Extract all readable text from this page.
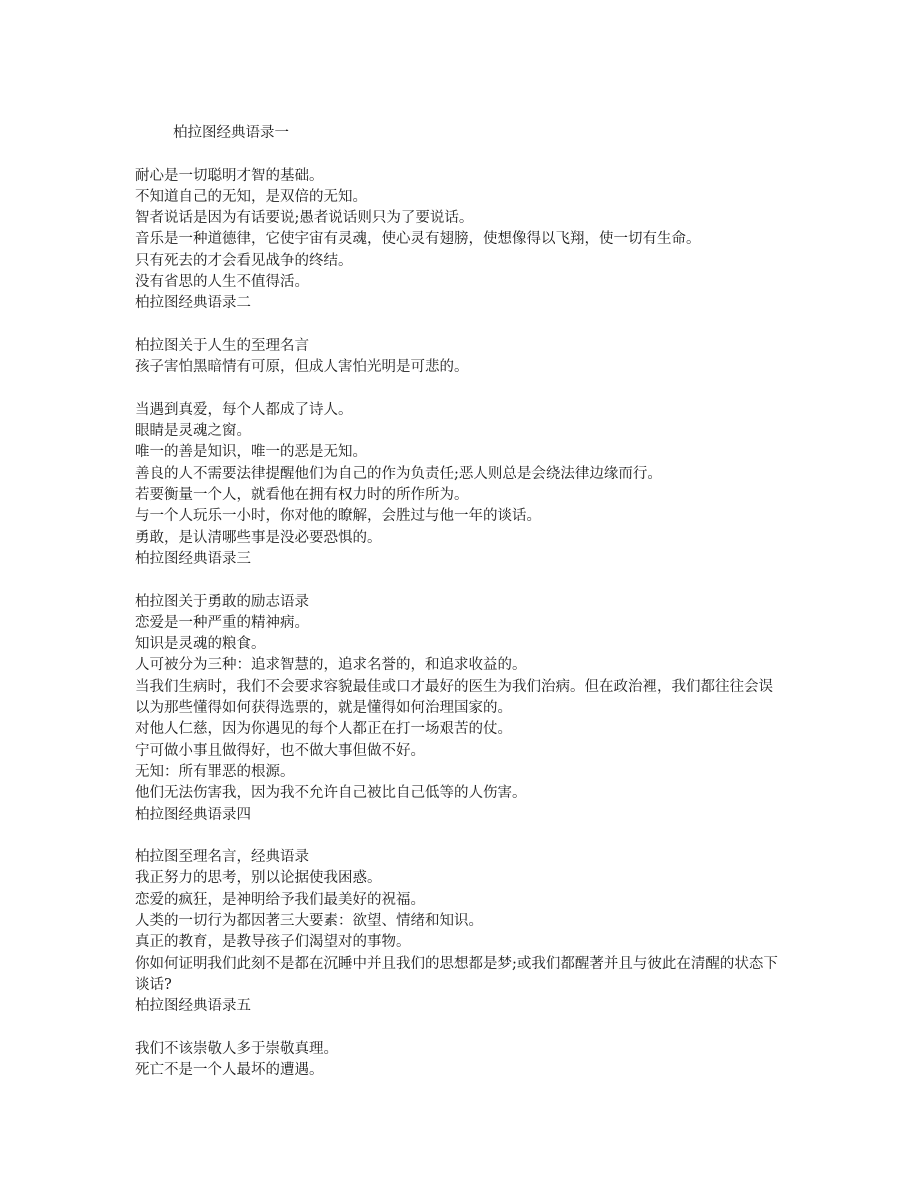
柏拉图经典语录一
耐心是一切聪明才智的基础。
不知道自己的无知，是双倍的无知。
智者说话是因为有话要说;愚者说话则只为了要说话。
音乐是一种道德律，它使宇宙有灵魂，使心灵有翅膀，使想像得以飞翔，使一切有生命。
只有死去的才会看见战争的终结。
没有省思的人生不值得活。
柏拉图经典语录二
柏拉图关于人生的至理名言
孩子害怕黑暗情有可原，但成人害怕光明是可悲的。
当遇到真爱，每个人都成了诗人。
眼睛是灵魂之窗。
唯一的善是知识，唯一的恶是无知。
善良的人不需要法律提醒他们为自己的作为负责任;恶人则总是会绕法律边缘而行。
若要衡量一个人，就看他在拥有权力时的所作所为。
与一个人玩乐一小时，你对他的瞭解，会胜过与他一年的谈话。
勇敢，是认清哪些事是没必要恐惧的。
柏拉图经典语录三
柏拉图关于勇敢的励志语录
恋爱是一种严重的精神病。
知识是灵魂的粮食。
人可被分为三种：追求智慧的，追求名誉的，和追求收益的。
当我们生病时，我们不会要求容貌最佳或口才最好的医生为我们治病。但在政治裡，我们都往往会误以为那些懂得如何获得选票的，就是懂得如何治理国家的。
对他人仁慈，因为你遇见的每个人都正在打一场艰苦的仗。
宁可做小事且做得好，也不做大事但做不好。
无知：所有罪恶的根源。
他们无法伤害我，因为我不允许自己被比自己低等的人伤害。
柏拉图经典语录四
柏拉图至理名言，经典语录
我正努力的思考，别以论据使我困惑。
恋爱的疯狂，是神明给予我们最美好的祝福。
人类的一切行为都因著三大要素：欲望、情绪和知识。
真正的教育，是教导孩子们渴望对的事物。
你如何证明我们此刻不是都在沉睡中并且我们的思想都是梦;或我们都醒著并且与彼此在清醒的状态下谈话?
柏拉图经典语录五
我们不该崇敬人多于崇敬真理。
死亡不是一个人最坏的遭遇。
